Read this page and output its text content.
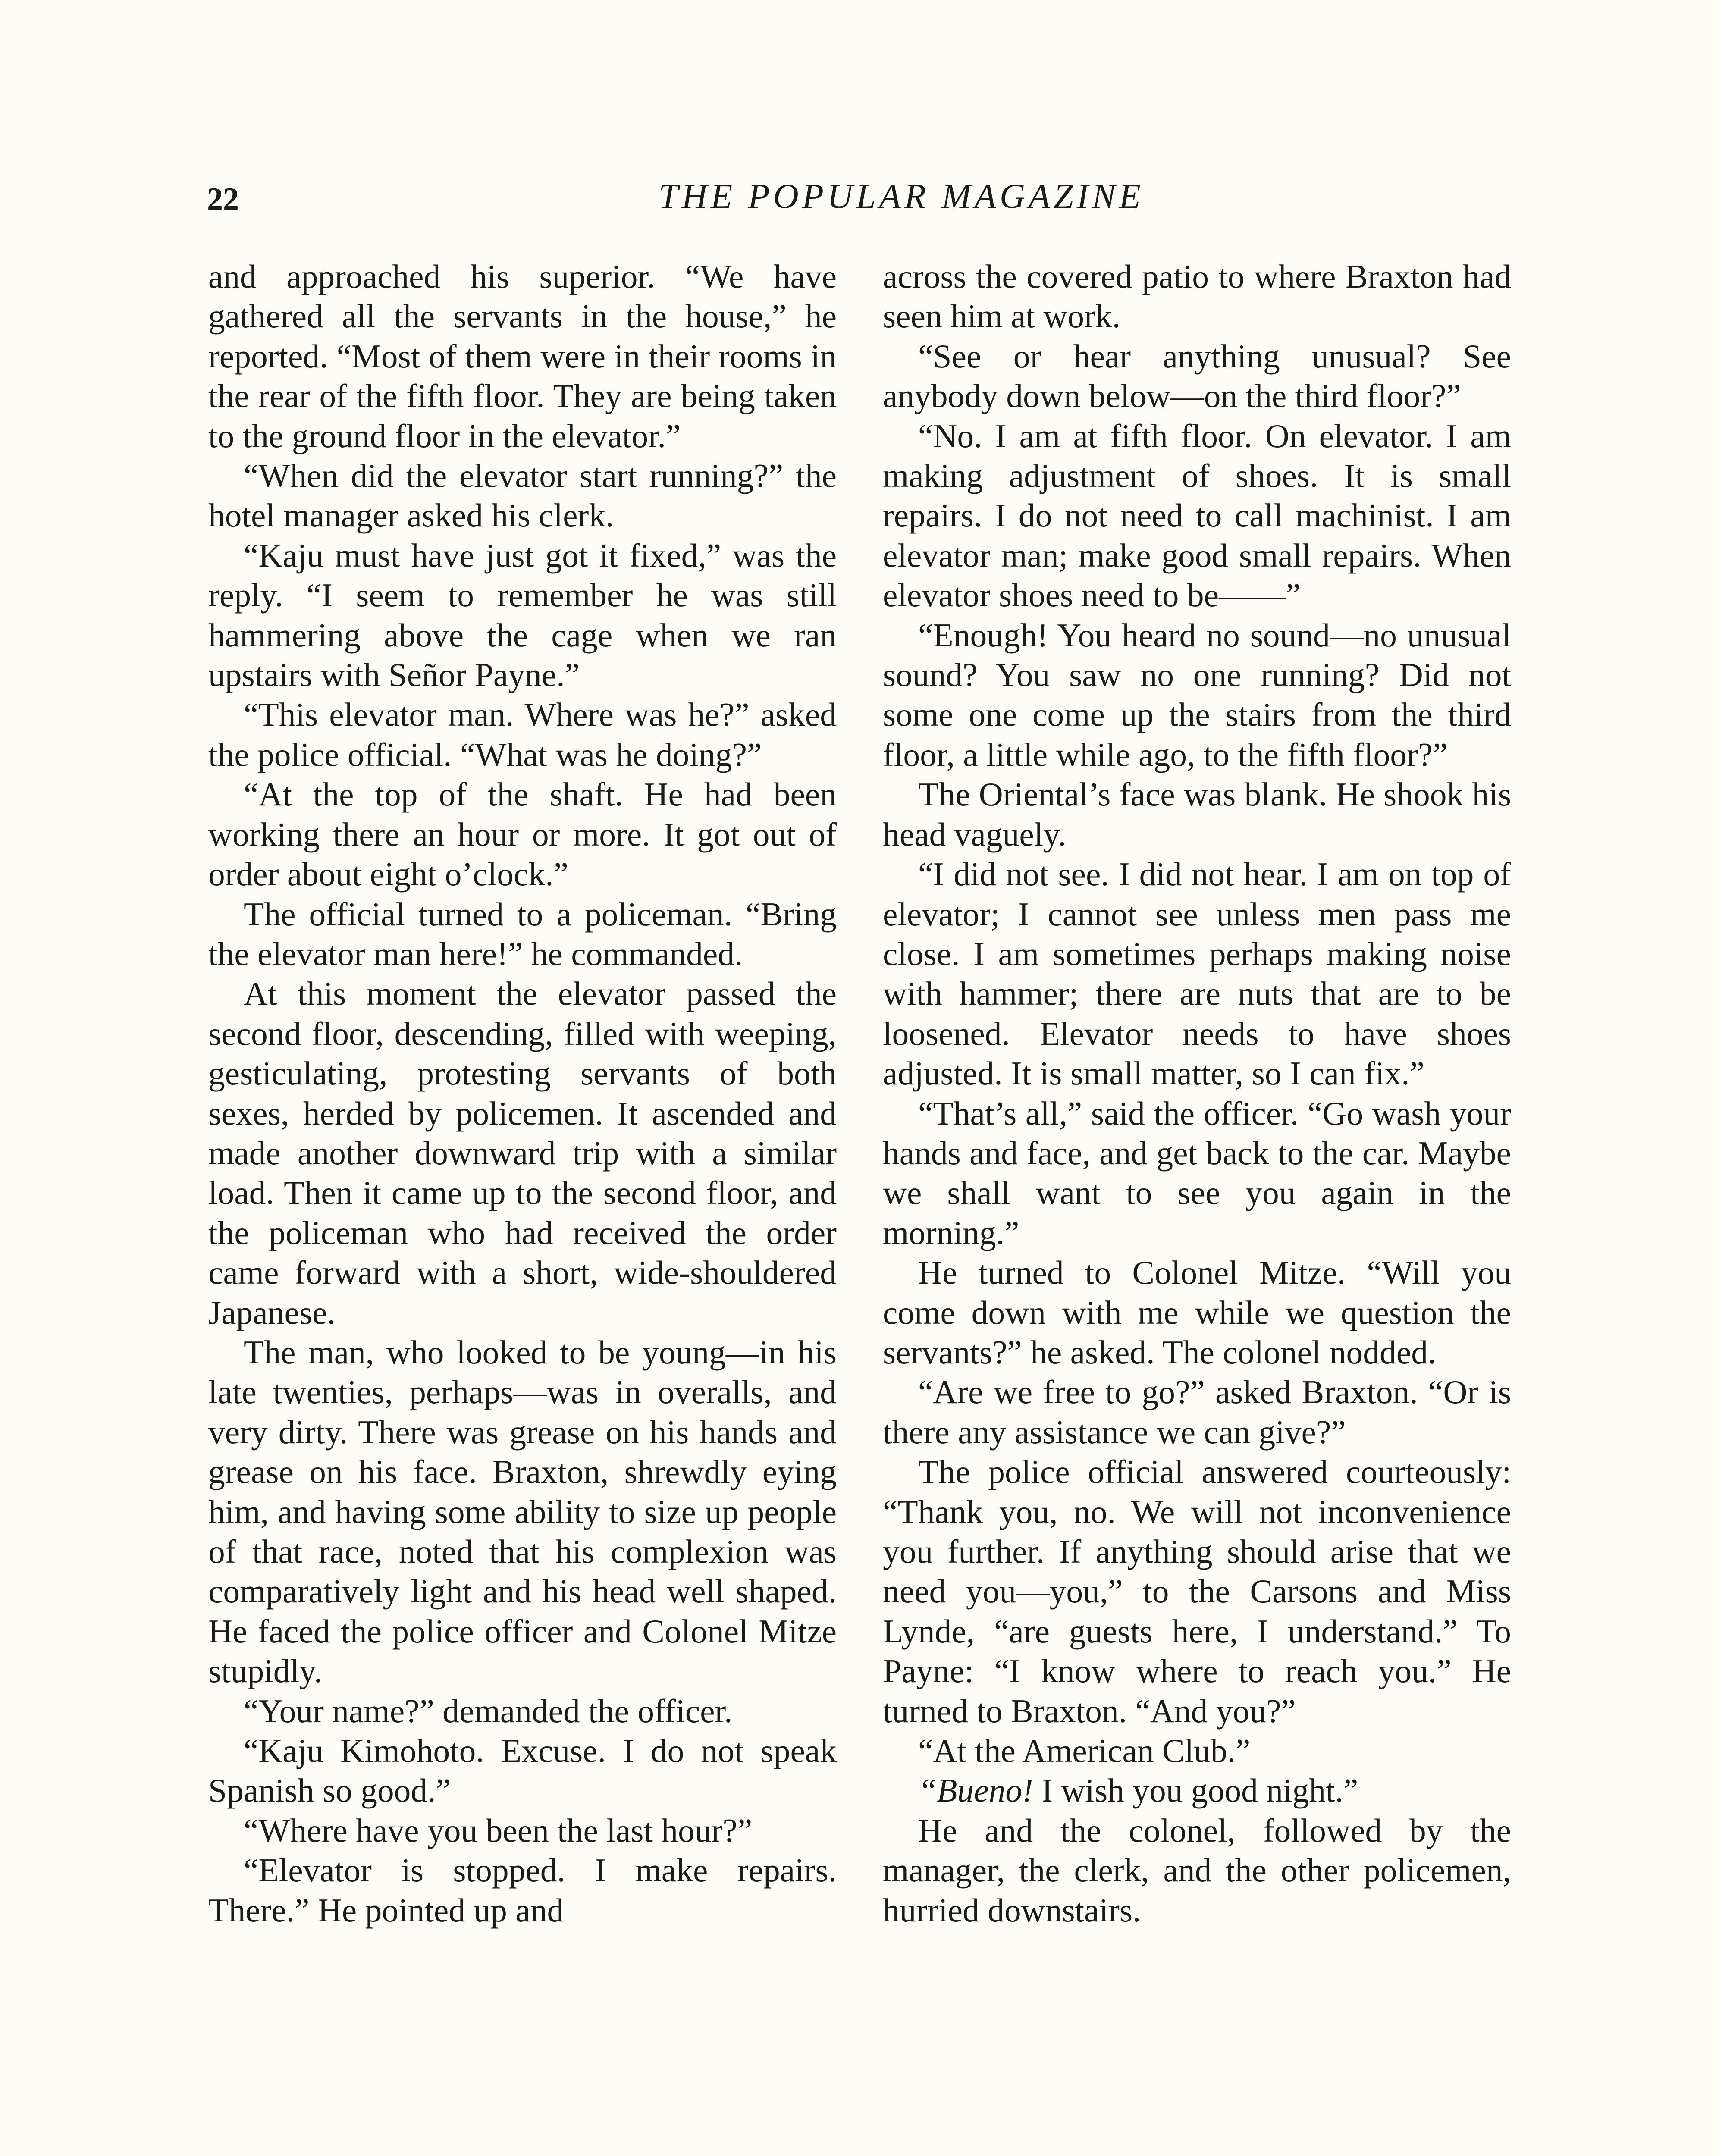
22	THE POPULAR MAGAZINE

and approached his superior. “We have gathered all the servants in the house,” he reported. “Most of them were in their rooms in the rear of the fifth floor. They are being taken to the ground floor in the elevator.”

“When did the elevator start running?” the hotel manager asked his clerk.

“Kaju must have just got it fixed,” was the reply. “I seem to remember he was still hammering above the cage when we ran upstairs with Señor Payne.”

“This elevator man. Where was he?” asked the police official. “What was he doing?”

“At the top of the shaft. He had been working there an hour or more. It got out of order about eight o’clock.”

The official turned to a policeman. “Bring the elevator man here!” he commanded.

At this moment the elevator passed the second floor, descending, filled with weeping, gesticulating, protesting servants of both sexes, herded by policemen. It ascended and made another downward trip with a similar load. Then it came up to the second floor, and the policeman who had received the order came forward with a short, wide-shouldered Japanese.

The man, who looked to be young—in his late twenties, perhaps—was in overalls, and very dirty. There was grease on his hands and grease on his face. Braxton, shrewdly eying him, and having some ability to size up people of that race, noted that his complexion was comparatively light and his head well shaped. He faced the police officer and Colonel Mitze stupidly.

“Your name?” demanded the officer.

“Kaju Kimohoto. Excuse. I do not speak Spanish so good.”

“Where have you been the last hour?”

“Elevator is stopped. I make repairs. There.” He pointed up and

across the covered patio to where Braxton had seen him at work.

“See or hear anything unusual? See anybody down below—on the third floor?”

“No. I am at fifth floor. On elevator. I am making adjustment of shoes. It is small repairs. I do not need to call machinist. I am elevator man; make good small repairs. When elevator shoes need to be——”

“Enough! You heard no sound—no unusual sound? You saw no one running? Did not some one come up the stairs from the third floor, a little while ago, to the fifth floor?”

The Oriental’s face was blank. He shook his head vaguely.

“I did not see. I did not hear. I am on top of elevator; I cannot see unless men pass me close. I am sometimes perhaps making noise with hammer; there are nuts that are to be loosened. Elevator needs to have shoes adjusted. It is small matter, so I can fix.”

“That’s all,” said the officer. “Go wash your hands and face, and get back to the car. Maybe we shall want to see you again in the morning.”

He turned to Colonel Mitze. “Will you come down with me while we question the servants?” he asked. The colonel nodded.

“Are we free to go?” asked Braxton. “Or is there any assistance we can give?”

The police official answered courteously: “Thank you, no. We will not inconvenience you further. If anything should arise that we need you—you,” to the Carsons and Miss Lynde, “are guests here, I understand.” To Payne: “I know where to reach you.” He turned to Braxton. “And you?”

“At the American Club.”

“Bueno! I wish you good night.”

He and the colonel, followed by the manager, the clerk, and the other policemen, hurried downstairs.
